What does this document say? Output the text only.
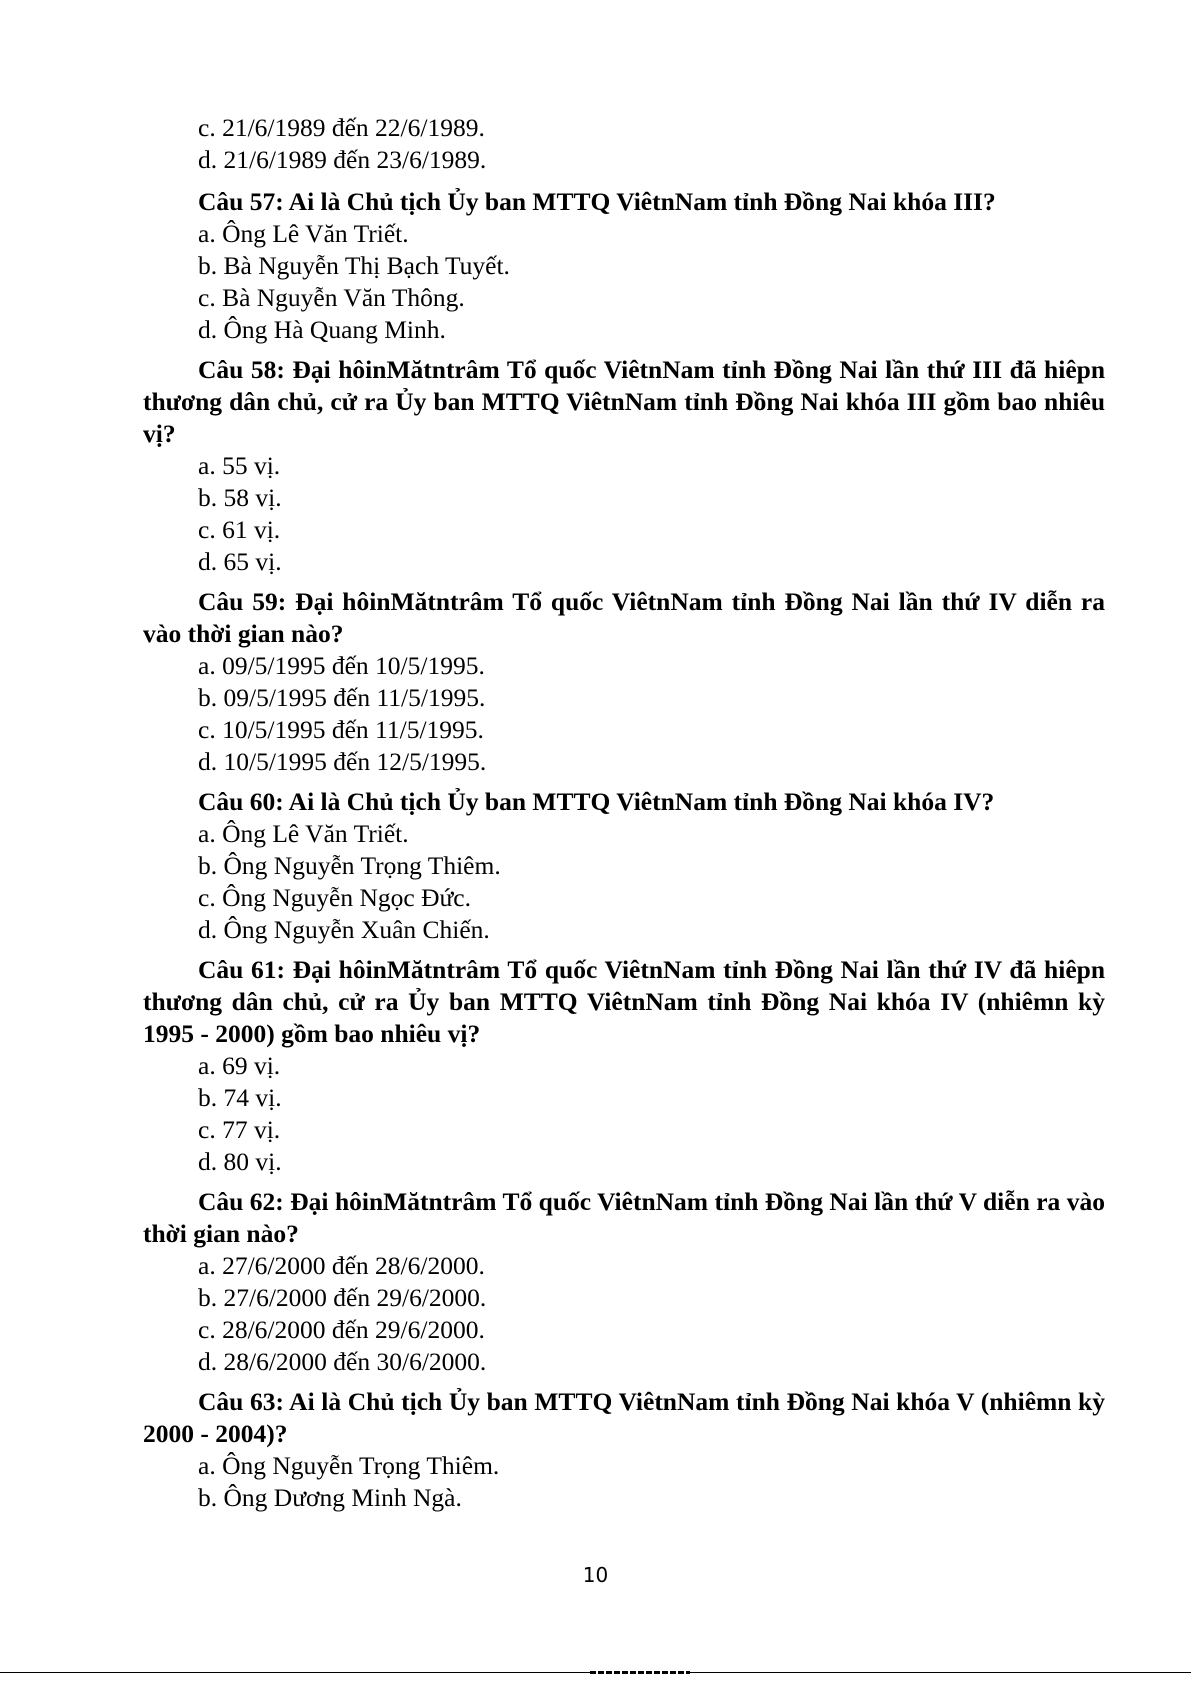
c. 21/6/1989 đến 22/6/1989.

d. 21/6/1989 đến 23/6/1989.

Câu 57: Ai là Chủ tịch Ủy ban MTTQ ViêtnNam tỉnh Đồng Nai khóa III?

a. Ông Lê Văn Triết.

b. Bà Nguyễn Thị Bạch Tuyết.

c. Bà Nguyễn Văn Thông.

d. Ông Hà Quang Minh.

Câu 58: Đại hôinMătntrâm Tổ quốc ViêtnNam tỉnh Đồng Nai lần thứ III đã hiêpn thương dân chủ, cử ra Ủy ban MTTQ ViêtnNam tỉnh Đồng Nai khóa III gồm bao nhiêu vị?

a. 55 vị.

b. 58 vị.

c. 61 vị.

d. 65 vị.

Câu 59: Đại hôinMătntrâm Tổ quốc ViêtnNam tỉnh Đồng Nai lần thứ IV diễn ra vào thời gian nào?

a. 09/5/1995 đến 10/5/1995.

b. 09/5/1995 đến 11/5/1995.

c. 10/5/1995 đến 11/5/1995.

d. 10/5/1995 đến 12/5/1995.

Câu 60: Ai là Chủ tịch Ủy ban MTTQ ViêtnNam tỉnh Đồng Nai khóa IV?

a. Ông Lê Văn Triết.

b. Ông Nguyễn Trọng Thiêm.

c. Ông Nguyễn Ngọc Đức.

d. Ông Nguyễn Xuân Chiến.

Câu 61: Đại hôinMătntrâm Tổ quốc ViêtnNam tỉnh Đồng Nai lần thứ IV đã hiêpn thương dân chủ, cử ra Ủy ban MTTQ ViêtnNam tỉnh Đồng Nai khóa IV (nhiêmn kỳ 1995 - 2000) gồm bao nhiêu vị?

a. 69 vị.

b. 74 vị.

c. 77 vị.

d. 80 vị.

Câu 62: Đại hôinMătntrâm Tổ quốc ViêtnNam tỉnh Đồng Nai lần thứ V diễn ra vào thời gian nào?

a. 27/6/2000 đến 28/6/2000.

b. 27/6/2000 đến 29/6/2000.

c. 28/6/2000 đến 29/6/2000.

d. 28/6/2000 đến 30/6/2000.

Câu 63: Ai là Chủ tịch Ủy ban MTTQ ViêtnNam tỉnh Đồng Nai khóa V (nhiêmn kỳ 2000 - 2004)?

a. Ông Nguyễn Trọng Thiêm.

b. Ông Dương Minh Ngà.

10
